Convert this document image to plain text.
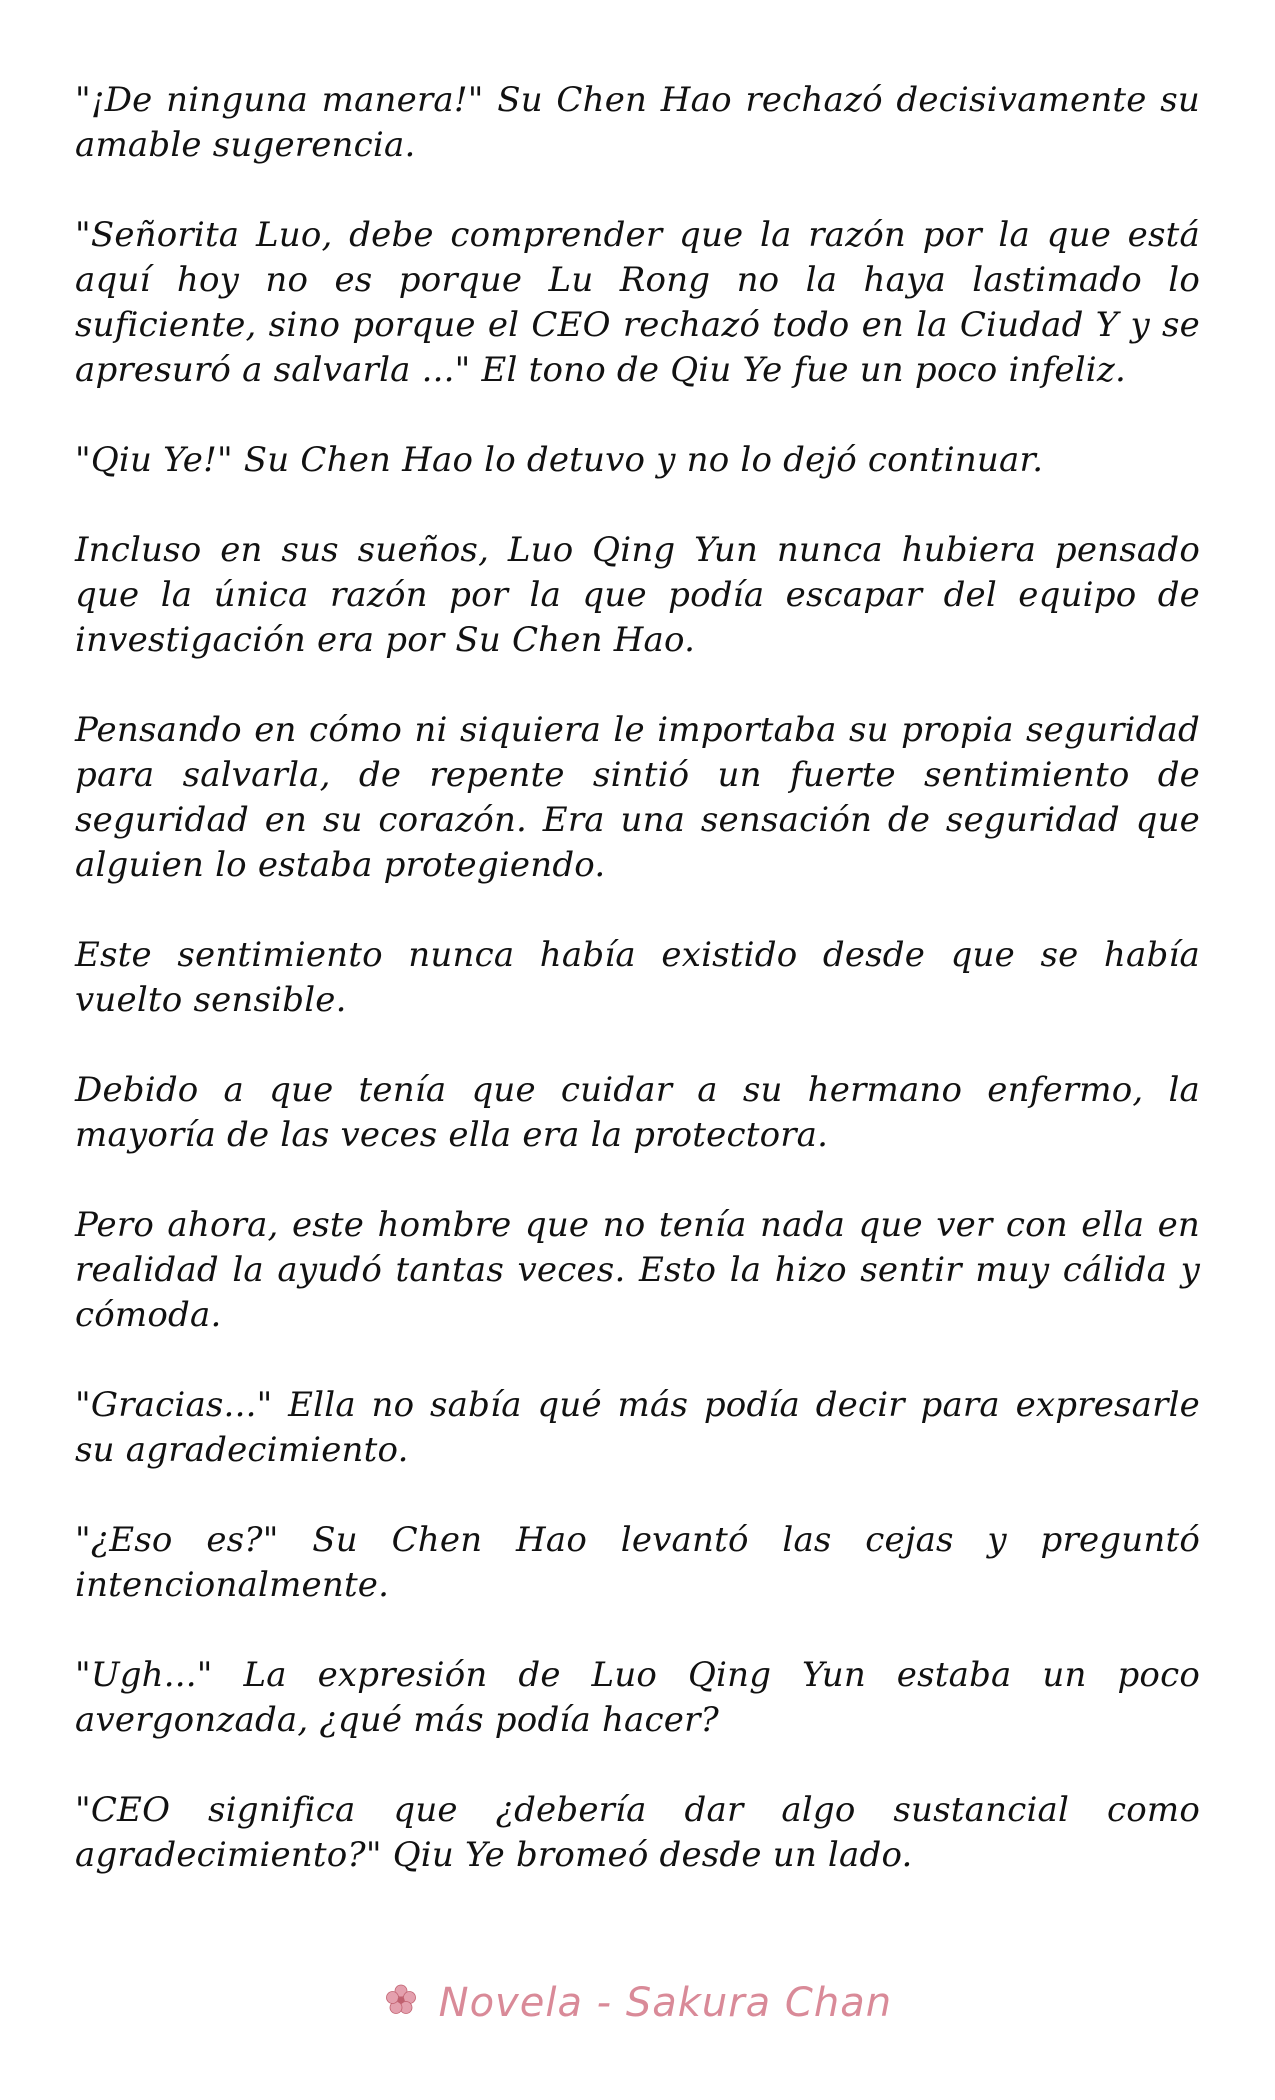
"¡De ninguna manera!" Su Chen Hao rechazó decisivamente su amable sugerencia.

"Señorita Luo, debe comprender que la razón por la que está aquí hoy no es porque Lu Rong no la haya lastimado lo suficiente, sino porque el CEO rechazó todo en la Ciudad Y y se apresuró a salvarla ..." El tono de Qiu Ye fue un poco infeliz.

"Qiu Ye!" Su Chen Hao lo detuvo y no lo dejó continuar.

Incluso en sus sueños, Luo Qing Yun nunca hubiera pensado que la única razón por la que podía escapar del equipo de investigación era por Su Chen Hao.

Pensando en cómo ni siquiera le importaba su propia seguridad para salvarla, de repente sintió un fuerte sentimiento de seguridad en su corazón. Era una sensación de seguridad que alguien lo estaba protegiendo.

Este sentimiento nunca había existido desde que se había vuelto sensible.

Debido a que tenía que cuidar a su hermano enfermo, la mayoría de las veces ella era la protectora.

Pero ahora, este hombre que no tenía nada que ver con ella en realidad la ayudó tantas veces. Esto la hizo sentir muy cálida y cómoda.

"Gracias..." Ella no sabía qué más podía decir para expresarle su agradecimiento.

"¿Eso es?" Su Chen Hao levantó las cejas y preguntó intencionalmente.

"Ugh..." La expresión de Luo Qing Yun estaba un poco avergonzada, ¿qué más podía hacer?

"CEO significa que ¿debería dar algo sustancial como agradecimiento?" Qiu Ye bromeó desde un lado.

Novela - Sakura Chan
